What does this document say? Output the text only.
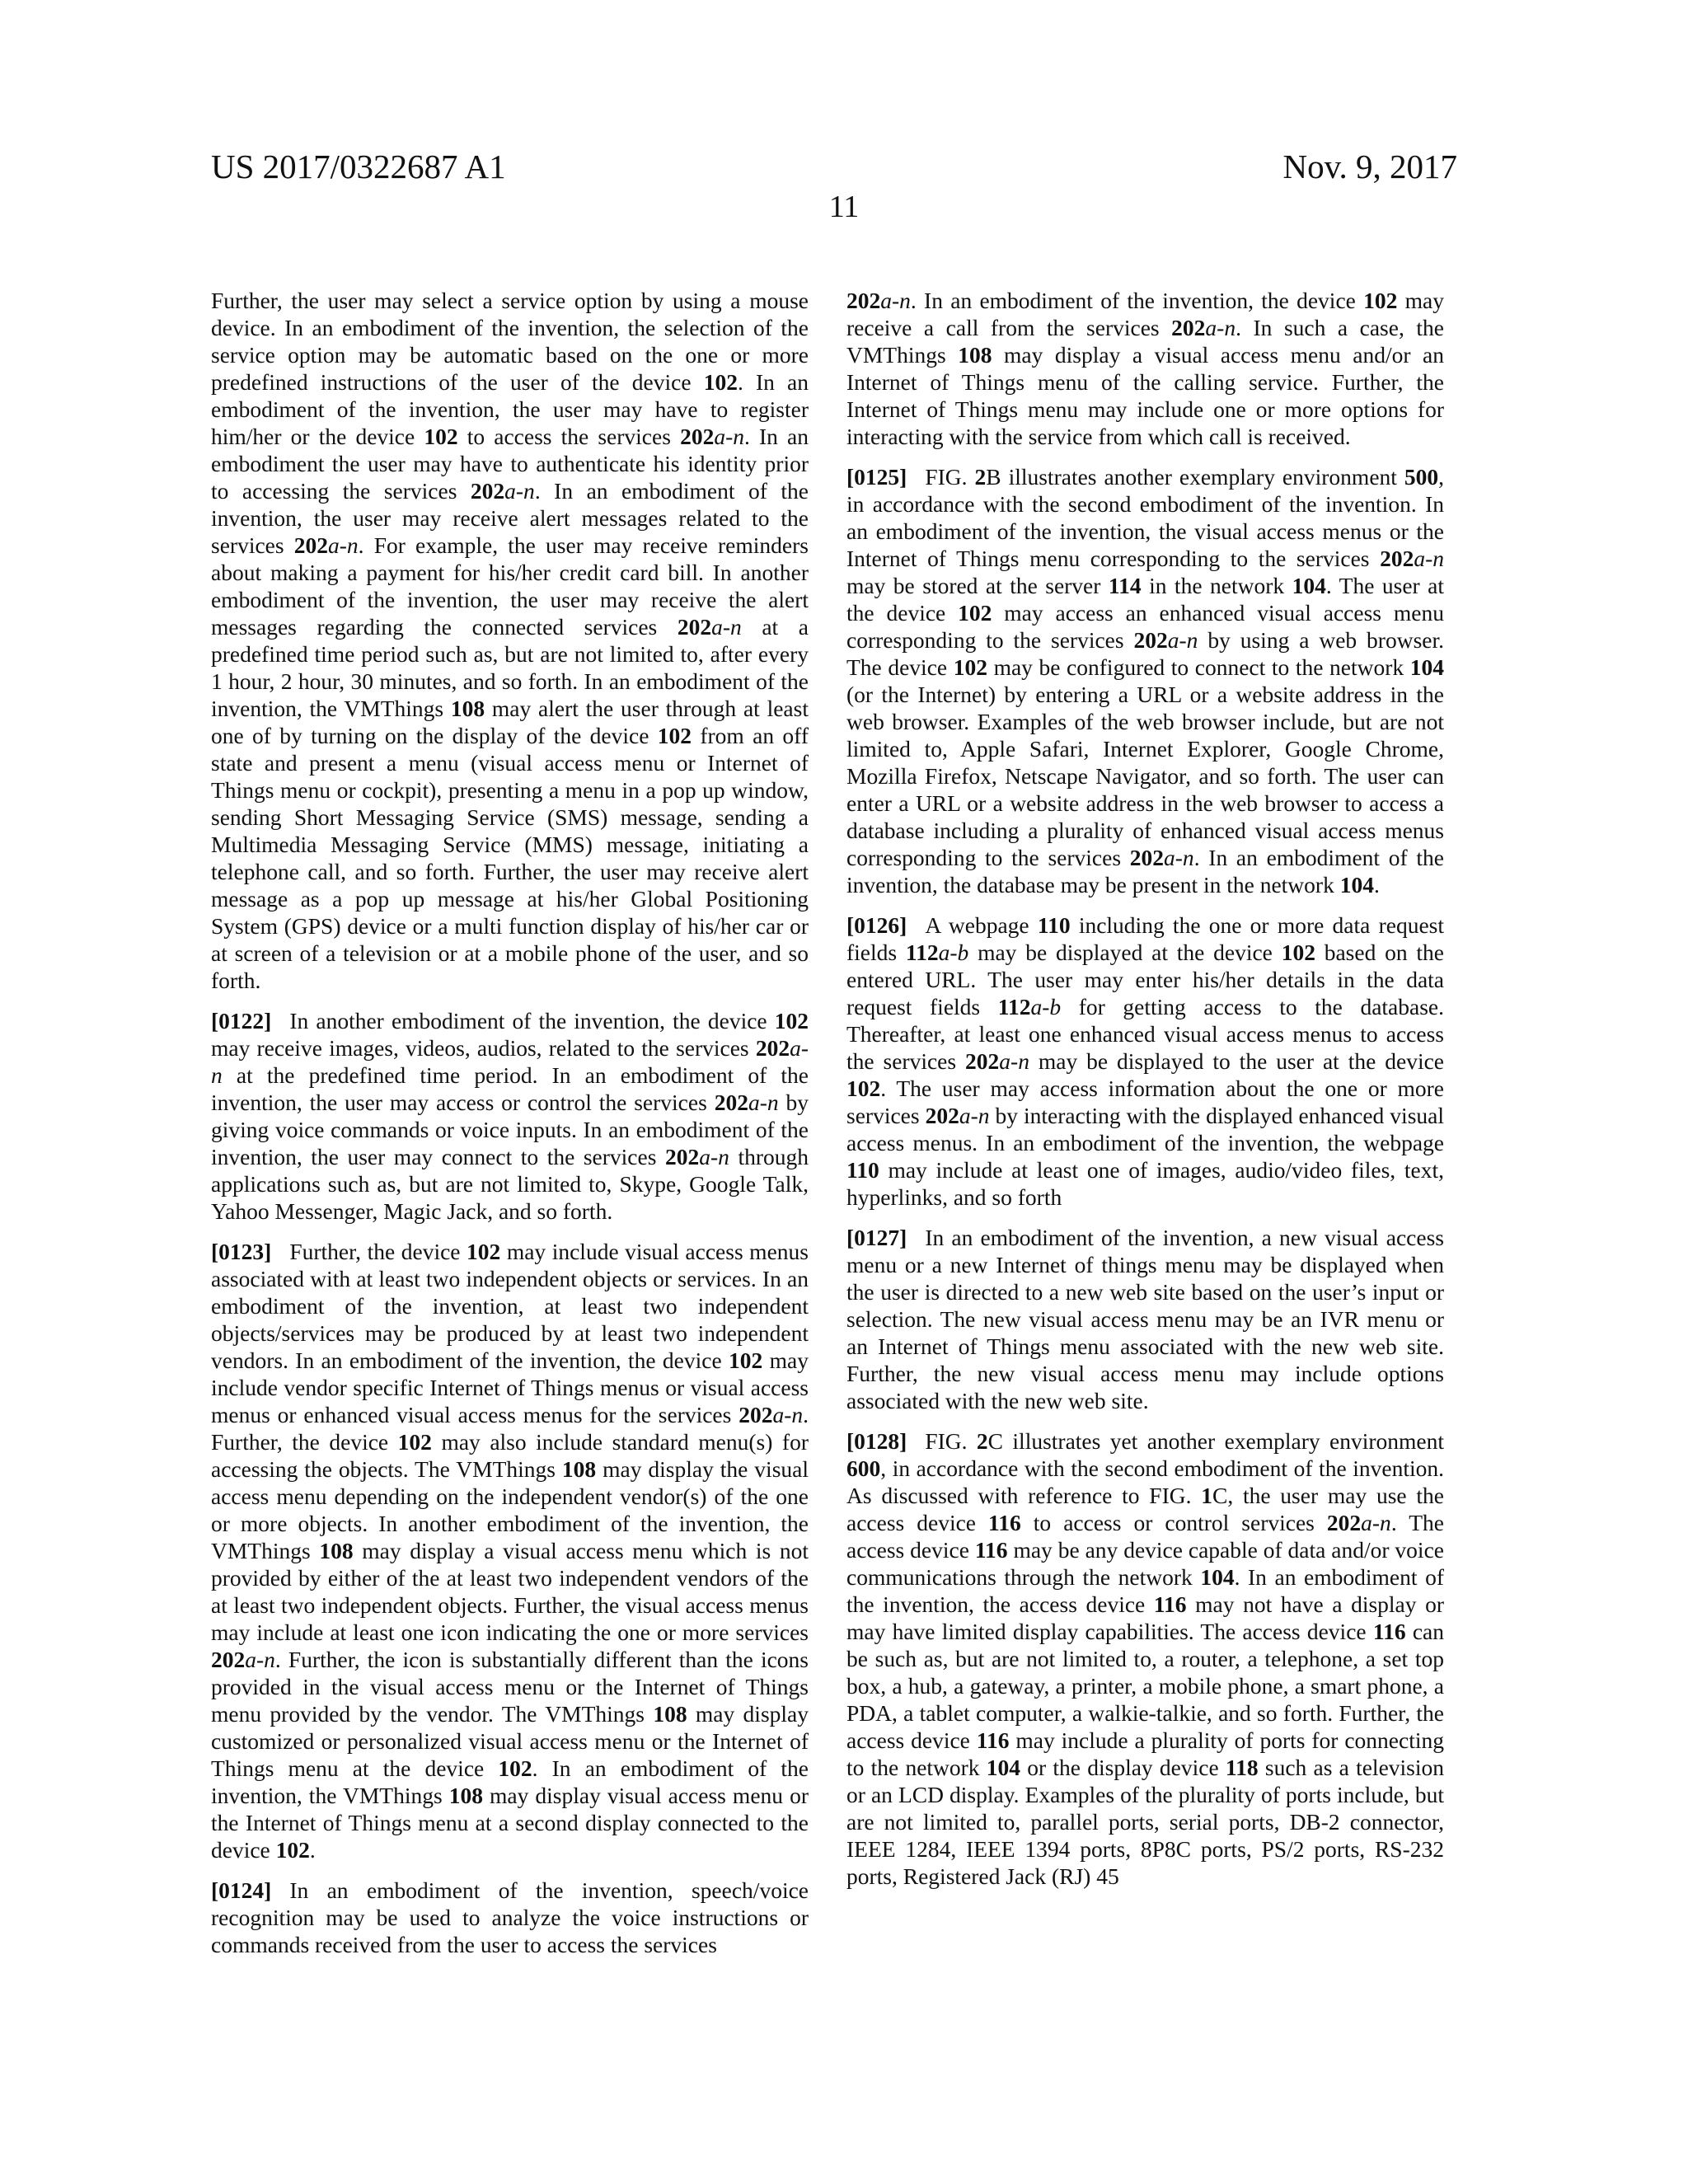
US 2017/0322687 A1	Nov. 9, 2017
11

Further, the user may select a service option by using a mouse device. In an embodiment of the invention, the selection of the service option may be automatic based on the one or more predefined instructions of the user of the device 102. In an embodiment of the invention, the user may have to register him/her or the device 102 to access the services 202a-n. In an embodiment the user may have to authenticate his identity prior to accessing the services 202a-n. In an embodiment of the invention, the user may receive alert messages related to the services 202a-n. For example, the user may receive reminders about making a payment for his/her credit card bill. In another embodiment of the invention, the user may receive the alert messages regarding the connected services 202a-n at a predefined time period such as, but are not limited to, after every 1 hour, 2 hour, 30 minutes, and so forth. In an embodiment of the invention, the VMThings 108 may alert the user through at least one of by turning on the display of the device 102 from an off state and present a menu (visual access menu or Internet of Things menu or cockpit), presenting a menu in a pop up window, sending Short Messaging Service (SMS) message, sending a Multimedia Messaging Service (MMS) message, initiating a telephone call, and so forth. Further, the user may receive alert message as a pop up message at his/her Global Positioning System (GPS) device or a multi function display of his/her car or at screen of a television or at a mobile phone of the user, and so forth.

[0122] In another embodiment of the invention, the device 102 may receive images, videos, audios, related to the services 202a-n at the predefined time period. In an embodiment of the invention, the user may access or control the services 202a-n by giving voice commands or voice inputs. In an embodiment of the invention, the user may connect to the services 202a-n through applications such as, but are not limited to, Skype, Google Talk, Yahoo Messenger, Magic Jack, and so forth.

[0123] Further, the device 102 may include visual access menus associated with at least two independent objects or services. In an embodiment of the invention, at least two independent objects/services may be produced by at least two independent vendors. In an embodiment of the invention, the device 102 may include vendor specific Internet of Things menus or visual access menus or enhanced visual access menus for the services 202a-n. Further, the device 102 may also include standard menu(s) for accessing the objects. The VMThings 108 may display the visual access menu depending on the independent vendor(s) of the one or more objects. In another embodiment of the invention, the VMThings 108 may display a visual access menu which is not provided by either of the at least two independent vendors of the at least two independent objects. Further, the visual access menus may include at least one icon indicating the one or more services 202a-n. Further, the icon is substantially different than the icons provided in the visual access menu or the Internet of Things menu provided by the vendor. The VMThings 108 may display customized or personalized visual access menu or the Internet of Things menu at the device 102. In an embodiment of the invention, the VMThings 108 may display visual access menu or the Internet of Things menu at a second display connected to the device 102.

[0124] In an embodiment of the invention, speech/voice recognition may be used to analyze the voice instructions or commands received from the user to access the services

202a-n. In an embodiment of the invention, the device 102 may receive a call from the services 202a-n. In such a case, the VMThings 108 may display a visual access menu and/or an Internet of Things menu of the calling service. Further, the Internet of Things menu may include one or more options for interacting with the service from which call is received.

[0125] FIG. 2B illustrates another exemplary environment 500, in accordance with the second embodiment of the invention. In an embodiment of the invention, the visual access menus or the Internet of Things menu corresponding to the services 202a-n may be stored at the server 114 in the network 104. The user at the device 102 may access an enhanced visual access menu corresponding to the services 202a-n by using a web browser. The device 102 may be configured to connect to the network 104 (or the Internet) by entering a URL or a website address in the web browser. Examples of the web browser include, but are not limited to, Apple Safari, Internet Explorer, Google Chrome, Mozilla Firefox, Netscape Navigator, and so forth. The user can enter a URL or a website address in the web browser to access a database including a plurality of enhanced visual access menus corresponding to the services 202a-n. In an embodiment of the invention, the database may be present in the network 104.

[0126] A webpage 110 including the one or more data request fields 112a-b may be displayed at the device 102 based on the entered URL. The user may enter his/her details in the data request fields 112a-b for getting access to the database. Thereafter, at least one enhanced visual access menus to access the services 202a-n may be displayed to the user at the device 102. The user may access information about the one or more services 202a-n by interacting with the displayed enhanced visual access menus. In an embodiment of the invention, the webpage 110 may include at least one of images, audio/video files, text, hyperlinks, and so forth

[0127] In an embodiment of the invention, a new visual access menu or a new Internet of things menu may be displayed when the user is directed to a new web site based on the user’s input or selection. The new visual access menu may be an IVR menu or an Internet of Things menu associated with the new web site. Further, the new visual access menu may include options associated with the new web site.

[0128] FIG. 2C illustrates yet another exemplary environment 600, in accordance with the second embodiment of the invention. As discussed with reference to FIG. 1C, the user may use the access device 116 to access or control services 202a-n. The access device 116 may be any device capable of data and/or voice communications through the network 104. In an embodiment of the invention, the access device 116 may not have a display or may have limited display capabilities. The access device 116 can be such as, but are not limited to, a router, a telephone, a set top box, a hub, a gateway, a printer, a mobile phone, a smart phone, a PDA, a tablet computer, a walkie-talkie, and so forth. Further, the access device 116 may include a plurality of ports for connecting to the network 104 or the display device 118 such as a television or an LCD display. Examples of the plurality of ports include, but are not limited to, parallel ports, serial ports, DB-2 connector, IEEE 1284, IEEE 1394 ports, 8P8C ports, PS/2 ports, RS-232 ports, Registered Jack (RJ) 45
